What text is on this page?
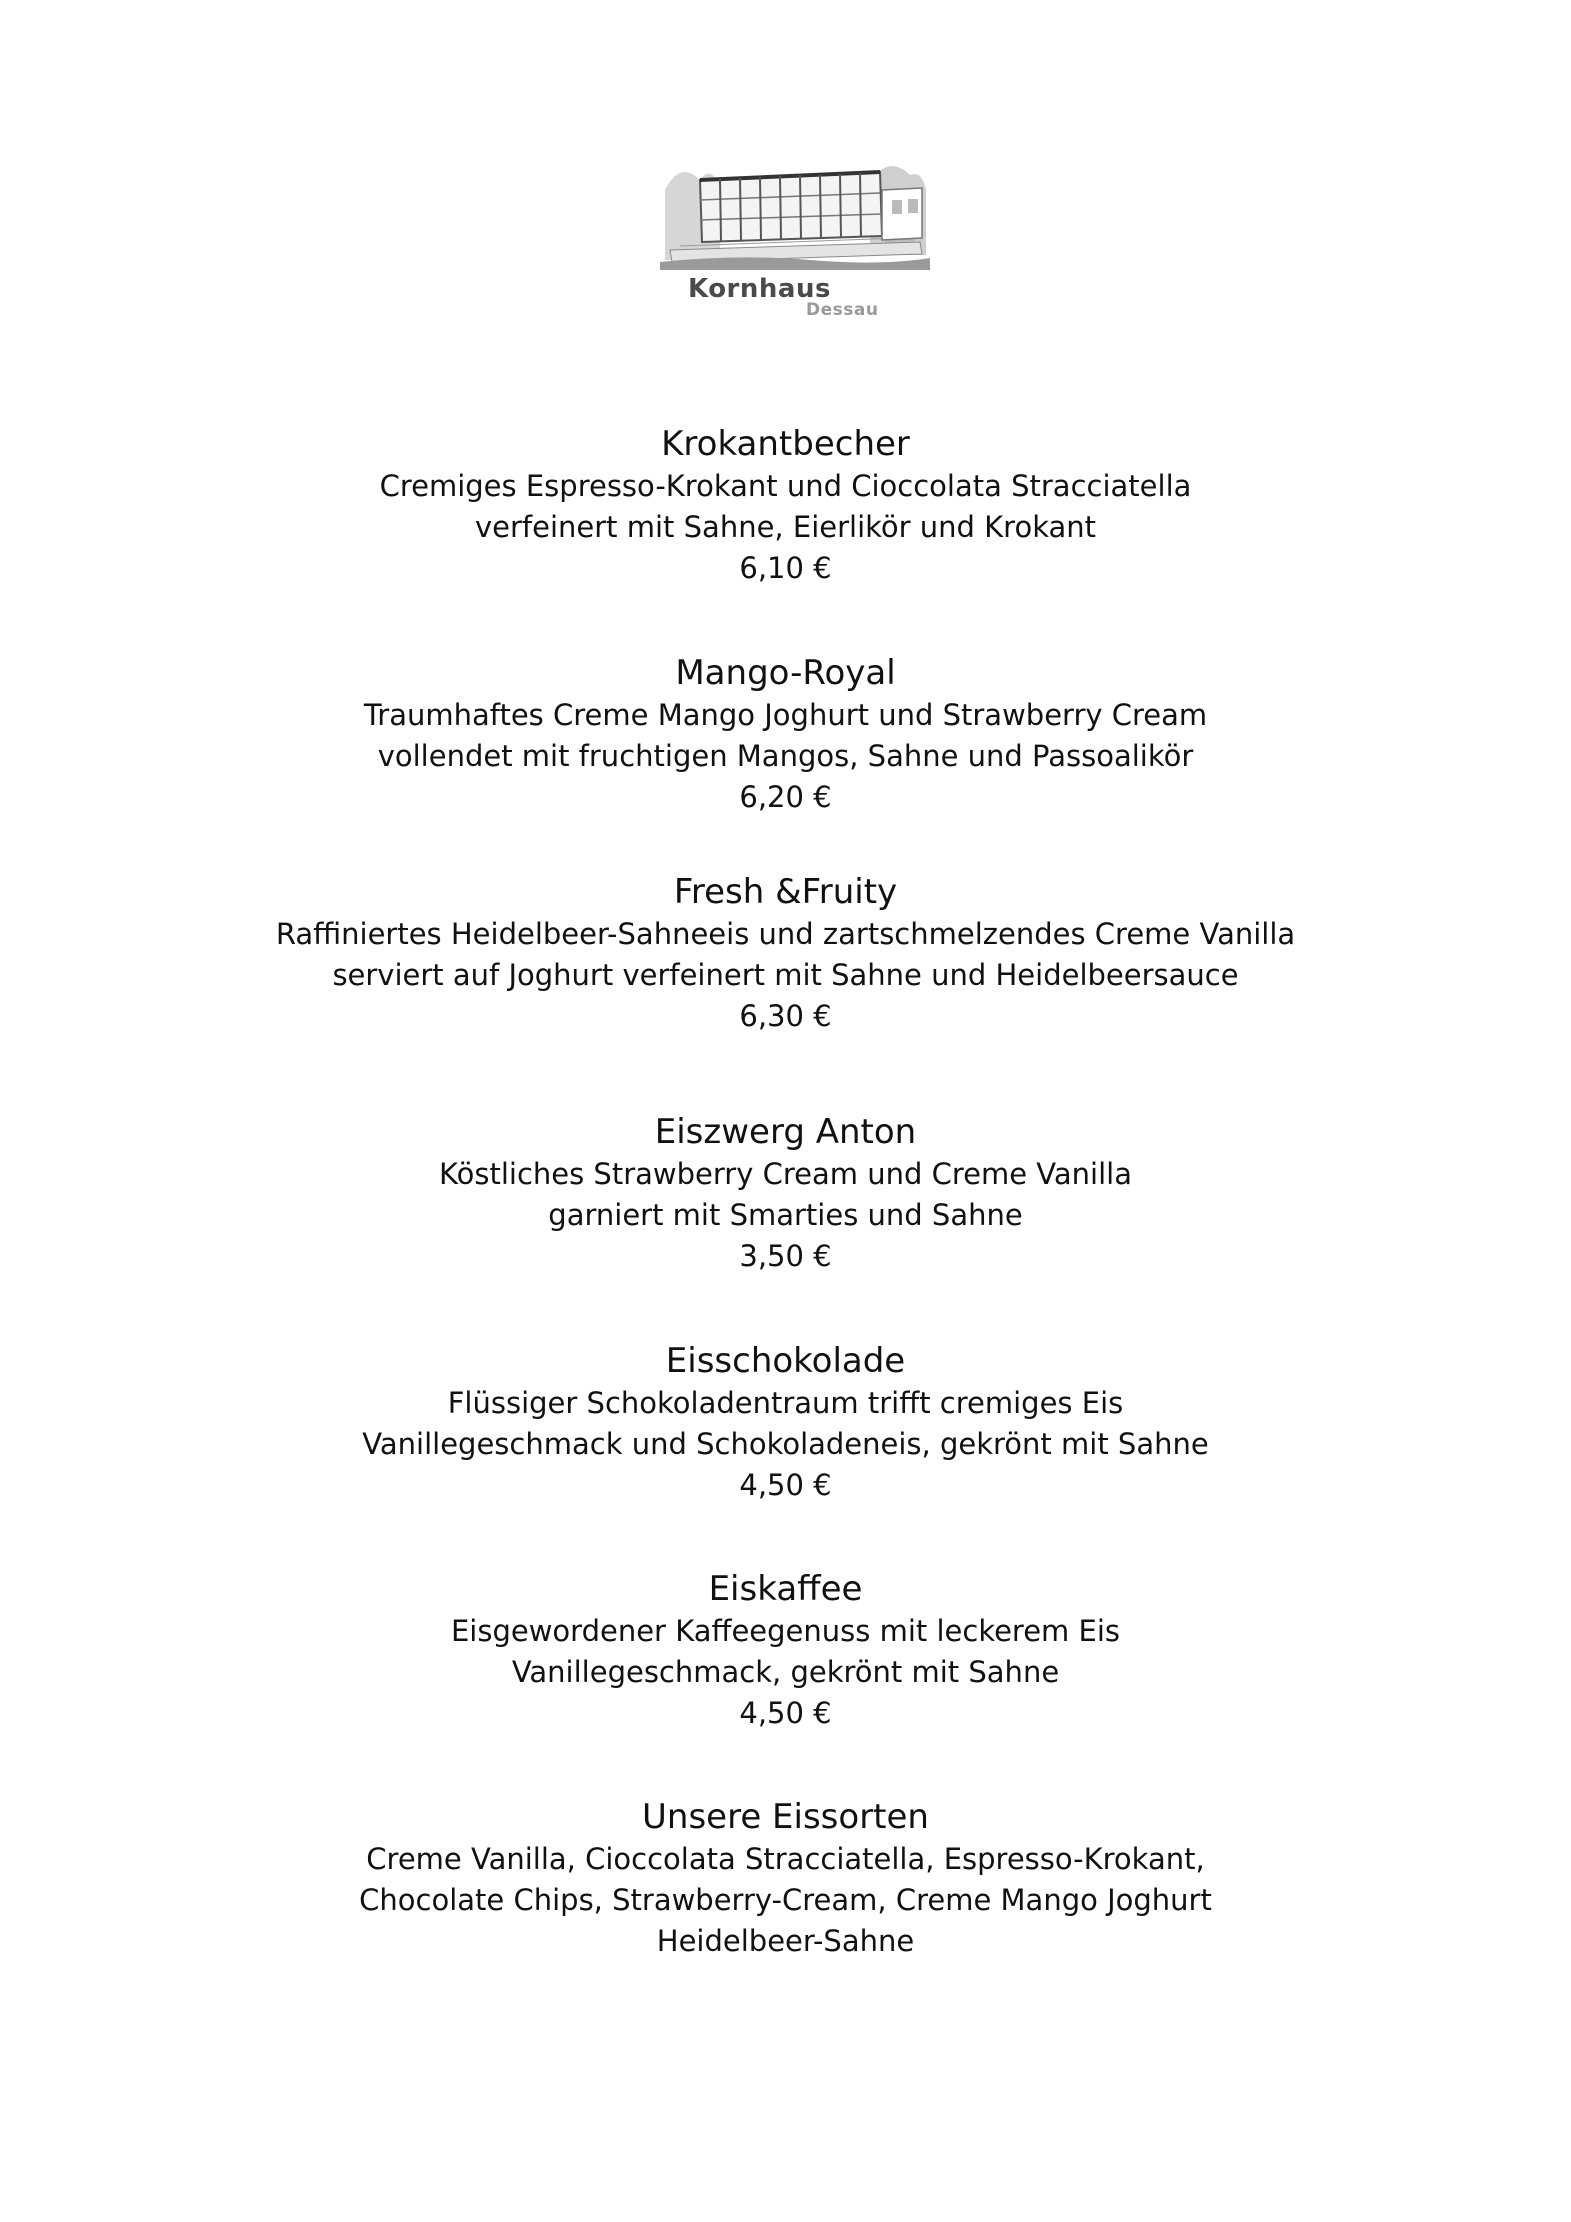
Kornhaus
Dessau
Krokantbecher
Cremiges Espresso-Krokant und Cioccolata Stracciatella
verfeinert mit Sahne, Eierlikör und Krokant
6,10 €
Mango-Royal
Traumhaftes Creme Mango Joghurt und Strawberry Cream
vollendet mit fruchtigen Mangos, Sahne und Passoalikör
6,20 €
Fresh &Fruity
Raffiniertes Heidelbeer-Sahneeis und zartschmelzendes Creme Vanilla
serviert auf Joghurt verfeinert mit Sahne und Heidelbeersauce
6,30 €
Eiszwerg Anton
Köstliches Strawberry Cream und Creme Vanilla
garniert mit Smarties und Sahne
3,50 €
Eisschokolade
Flüssiger Schokoladentraum trifft cremiges Eis
Vanillegeschmack und Schokoladeneis, gekrönt mit Sahne
4,50 €
Eiskaffee
Eisgewordener Kaffeegenuss mit leckerem Eis
Vanillegeschmack, gekrönt mit Sahne
4,50 €
Unsere Eissorten
Creme Vanilla, Cioccolata Stracciatella, Espresso-Krokant,
Chocolate Chips, Strawberry-Cream, Creme Mango Joghurt
Heidelbeer-Sahne
